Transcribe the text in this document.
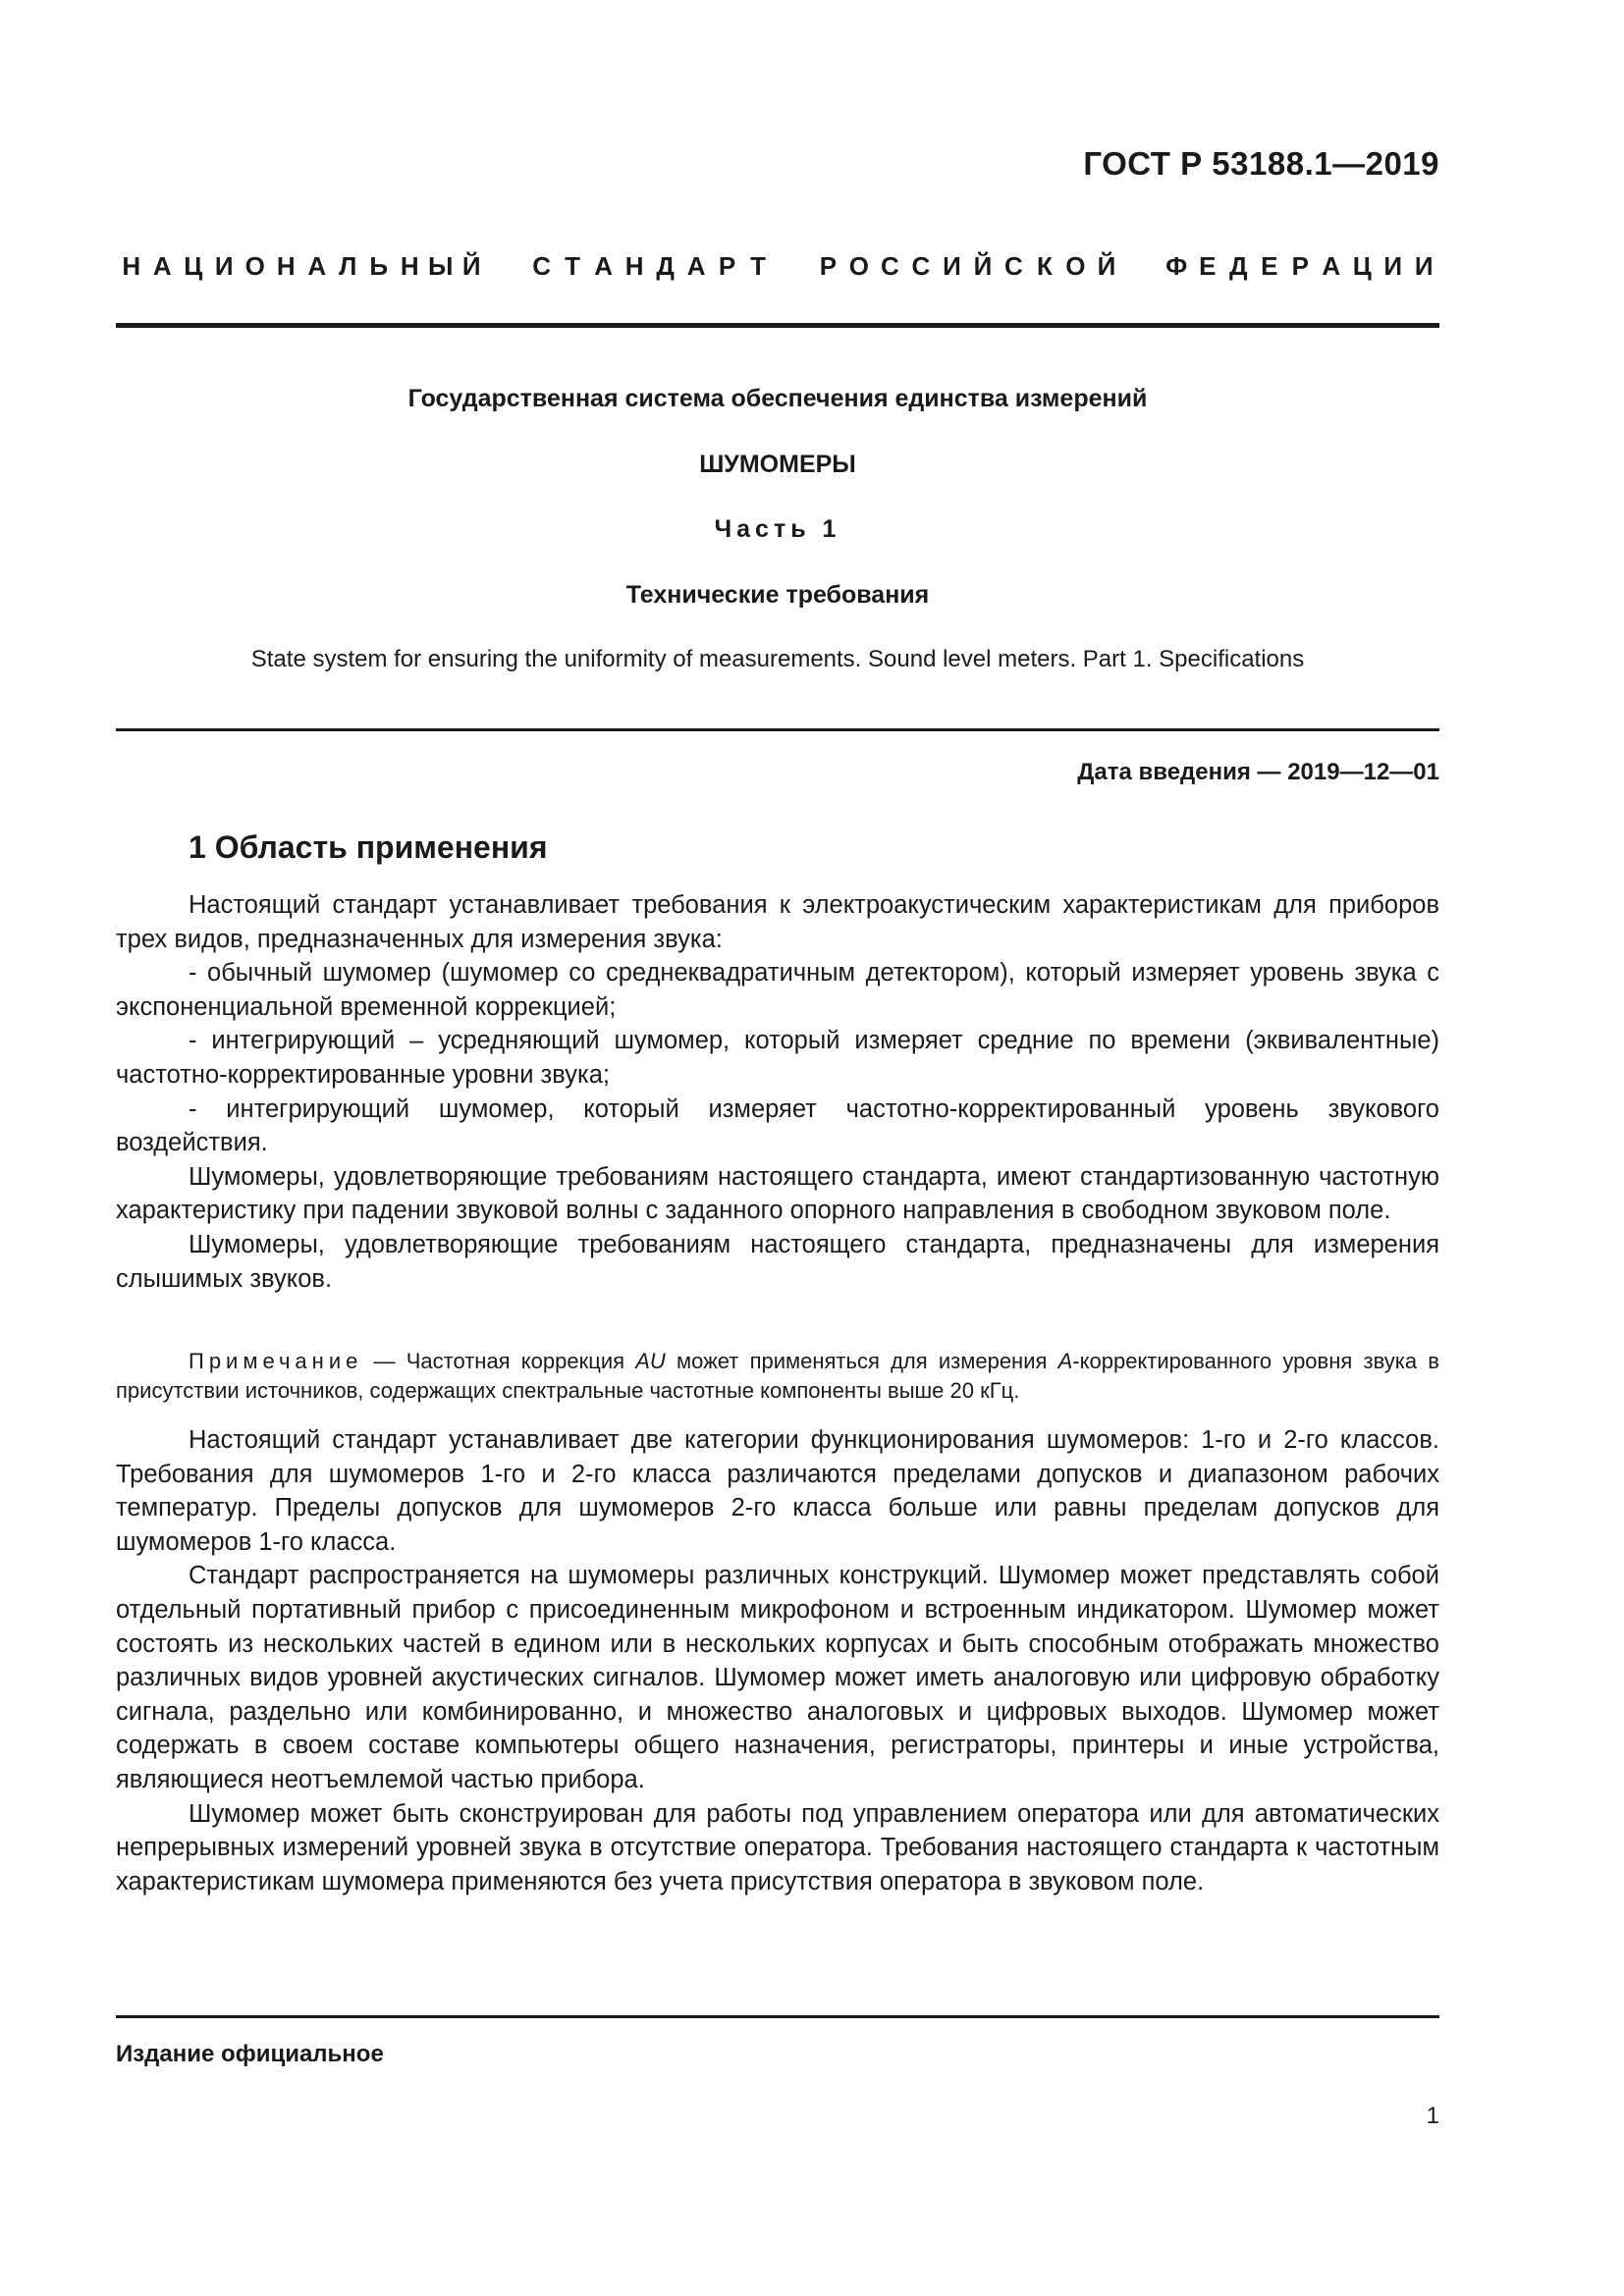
ГОСТ Р 53188.1—2019
Н А Ц И О Н А Л Ь Н Ы Й С Т А Н Д А Р Т	Р О С С И Й С К О Й Ф Е Д Е Р А Ц И И
Государственная система обеспечения единства измерений
ШУМОМЕРЫ
Часть 1
Технические требования
State system for ensuring the uniformity of measurements. Sound level meters. Part 1. Specifications
Дата введения — 2019—12—01
1 Область применения

Настоящий стандарт устанавливает требования к электроакустическим характеристикам для приборов трех видов, предназначенных для измерения звука:

- обычный шумомер (шумомер со среднеквадратичным детектором), который измеряет уровень звука с экспоненциальной временной коррекцией;

- интегрирующий – усредняющий шумомер, который измеряет средние по времени (эквивалентные) частотно-корректированные уровни звука;

- интегрирующий шумомер, который измеряет частотно-корректированный уровень звукового воздействия.

Шумомеры, удовлетворяющие требованиям настоящего стандарта, имеют стандартизованную частотную характеристику при падении звуковой волны с заданного опорного направления в свободном звуковом поле.

Шумомеры, удовлетворяющие требованиям настоящего стандарта, предназначены для измерения слышимых звуков.

Примечание — Частотная коррекция AU может применяться для измерения A-корректированного уровня звука в присутствии источников, содержащих спектральные частотные компоненты выше 20 кГц.

Настоящий стандарт устанавливает две категории функционирования шумомеров: 1-го и 2-го классов. Требования для шумомеров 1-го и 2-го класса различаются пределами допусков и диапазоном рабочих температур. Пределы допусков для шумомеров 2-го класса больше или равны пределам допусков для шумомеров 1-го класса.

Стандарт распространяется на шумомеры различных конструкций. Шумомер может представлять собой отдельный портативный прибор с присоединенным микрофоном и встроенным индикатором. Шумомер может состоять из нескольких частей в едином или в нескольких корпусах и быть способным отображать множество различных видов уровней акустических сигналов. Шумомер может иметь аналоговую или цифровую обработку сигнала, раздельно или комбинированно, и множество аналоговых и цифровых выходов. Шумомер может содержать в своем составе компьютеры общего назначения, регистраторы, принтеры и иные устройства, являющиеся неотъемлемой частью прибора.

Шумомер может быть сконструирован для работы под управлением оператора или для автоматических непрерывных измерений уровней звука в отсутствие оператора. Требования настоящего стандарта к частотным характеристикам шумомера применяются без учета присутствия оператора в звуковом поле.

Издание официальное
1
